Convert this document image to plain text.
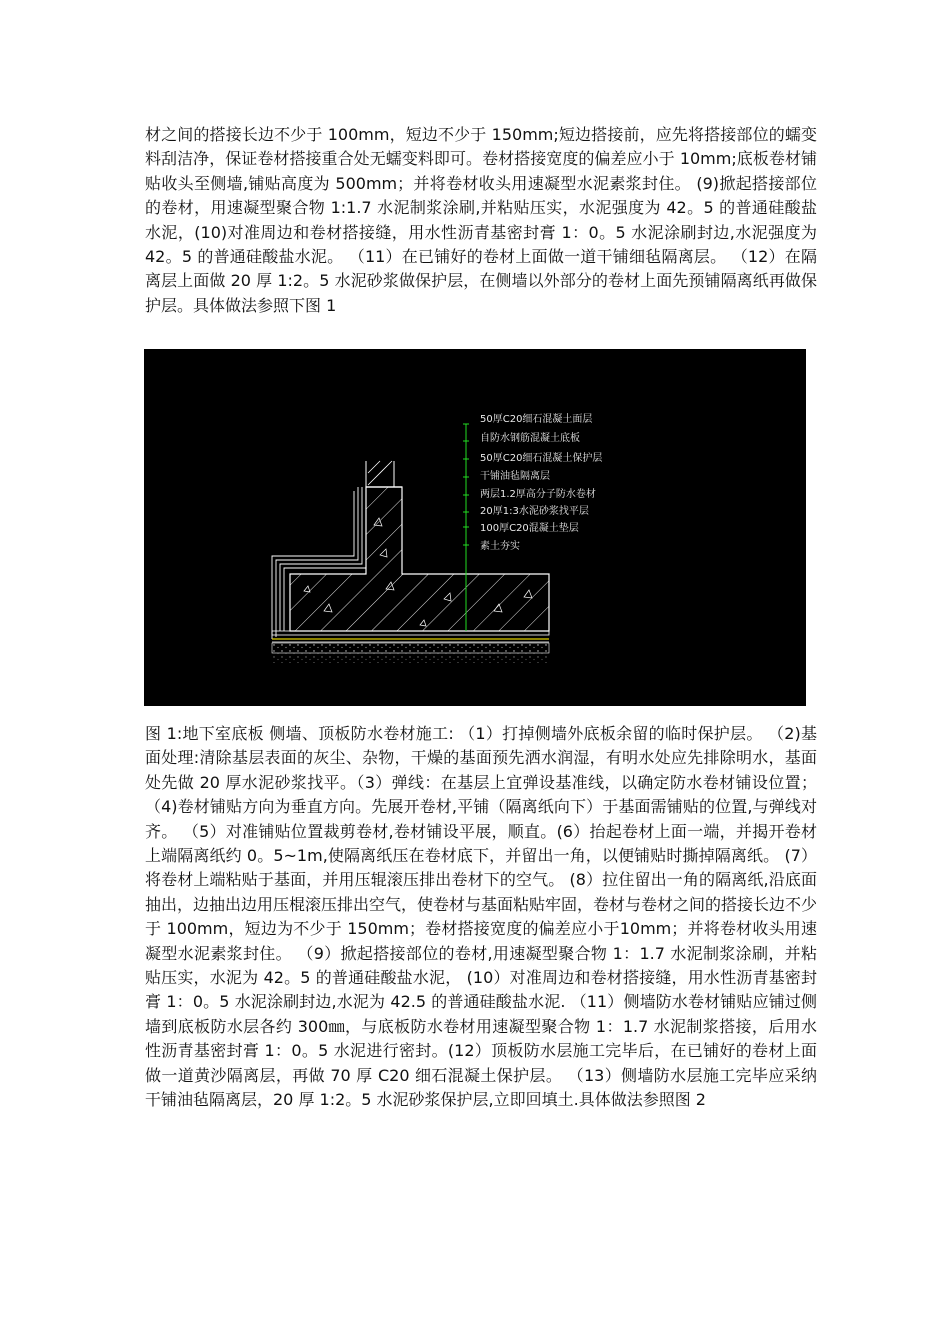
材之间的搭接长边不少于 100mm，短边不少于 150mm;短边搭接前，应先将搭接部位的蠕变料刮洁净，保证卷材搭接重合处无蠕变料即可。卷材搭接宽度的偏差应小于 10mm;底板卷材铺贴收头至侧墙,铺贴高度为 500mm；并将卷材收头用速凝型水泥素浆封住。 (9)掀起搭接部位的卷材，用速凝型聚合物 1:1.7 水泥制浆涂刷,并粘贴压实，水泥强度为 42。5 的普通硅酸盐水泥，(10)对准周边和卷材搭接缝，用水性沥青基密封膏 1：0。5 水泥涂刷封边,水泥强度为 42。5 的普通硅酸盐水泥。 （11）在已铺好的卷材上面做一道干铺细毡隔离层。 （12）在隔离层上面做 20 厚 1:2。5 水泥砂浆做保护层，在侧墙以外部分的卷材上面先预铺隔离纸再做保护层。具体做法参照下图 1

50厚C20细石混凝土面层
自防水钢筋混凝土底板
50厚C20细石混凝土保护层
干铺油毡隔离层
两层1.2厚高分子防水卷材
20厚1:3水泥砂浆找平层
100厚C20混凝土垫层
素土夯实

图 1:地下室底板 侧墙、顶板防水卷材施工: （1）打掉侧墙外底板余留的临时保护层。 （2)基面处理:清除基层表面的灰尘、杂物，干燥的基面预先洒水润湿，有明水处应先排除明水，基面处先做 20 厚水泥砂浆找平。（3）弹线：在基层上宜弹设基准线，以确定防水卷材铺设位置； （4)卷材铺贴方向为垂直方向。先展开卷材,平铺（隔离纸向下）于基面需铺贴的位置,与弹线对齐。 （5）对准铺贴位置裁剪卷材,卷材铺设平展，顺直。(6）抬起卷材上面一端，并揭开卷材上端隔离纸约 0。5~1m,使隔离纸压在卷材底下，并留出一角，以便铺贴时撕掉隔离纸。 (7）将卷材上端粘贴于基面，并用压辊滚压排出卷材下的空气。 (8）拉住留出一角的隔离纸,沿底面抽出，边抽出边用压棍滚压排出空气，使卷材与基面粘贴牢固，卷材与卷材之间的搭接长边不少于 100mm，短边为不少于 150mm；卷材搭接宽度的偏差应小于10mm；并将卷材收头用速凝型水泥素浆封住。 （9）掀起搭接部位的卷材,用速凝型聚合物 1：1.7 水泥制浆涂刷，并粘贴压实，水泥为 42。5 的普通硅酸盐水泥， (10）对准周边和卷材搭接缝，用水性沥青基密封膏 1：0。5 水泥涂刷封边,水泥为 42.5 的普通硅酸盐水泥. （11）侧墙防水卷材铺贴应铺过侧墙到底板防水层各约 300㎜，与底板防水卷材用速凝型聚合物 1：1.7 水泥制浆搭接，后用水性沥青基密封膏 1：0。5 水泥进行密封。(12）顶板防水层施工完毕后，在已铺好的卷材上面做一道黄沙隔离层，再做 70 厚 C20 细石混凝土保护层。 （13）侧墙防水层施工完毕应采纳干铺油毡隔离层，20 厚 1:2。5 水泥砂浆保护层,立即回填土.具体做法参照图 2
